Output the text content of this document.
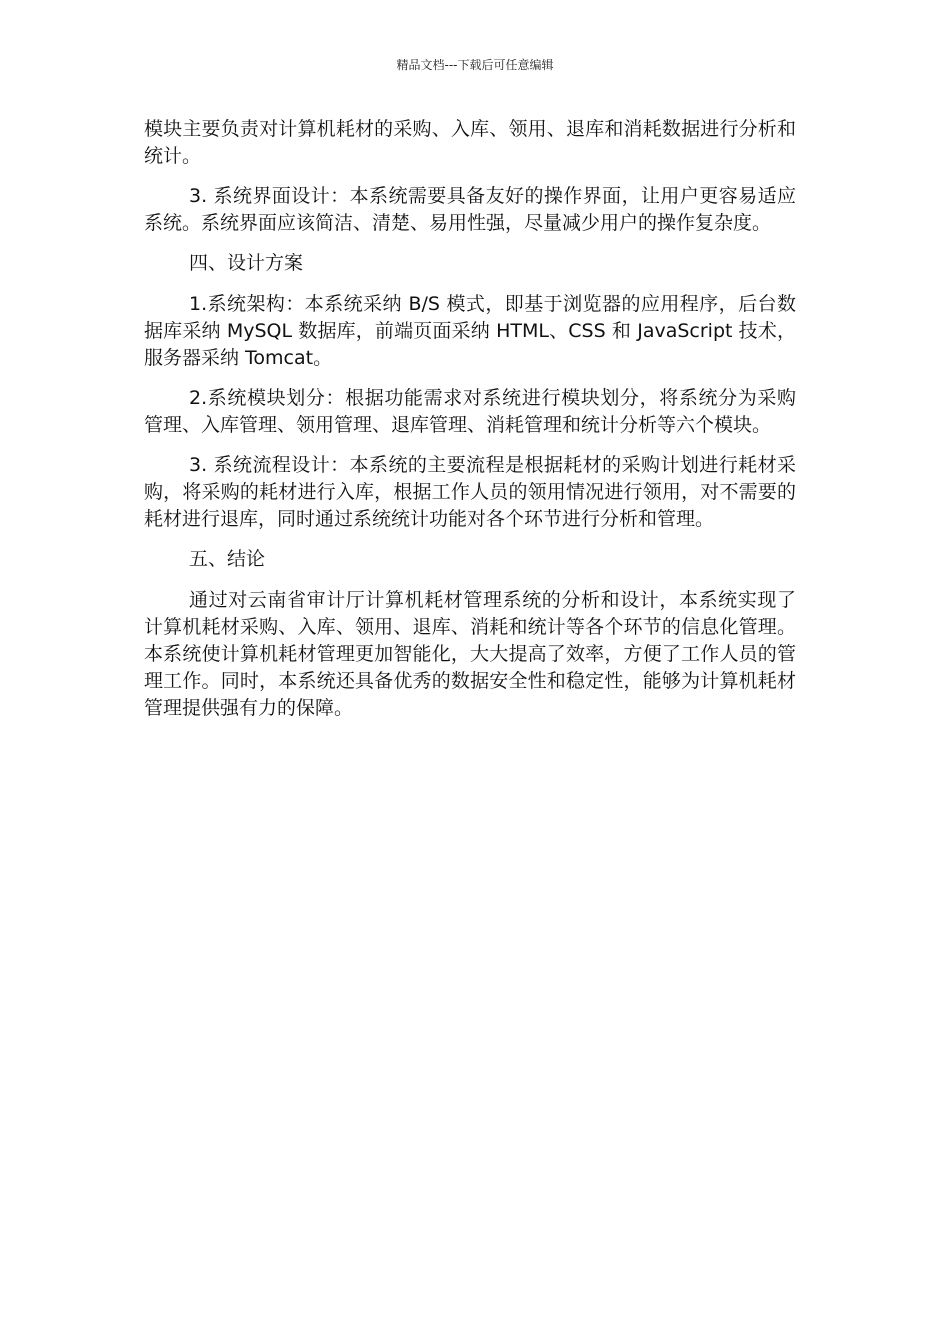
精品文档---下载后可任意编辑

模块主要负责对计算机耗材的采购、入库、领用、退库和消耗数据进行分析和统计。

3. 系统界面设计：本系统需要具备友好的操作界面，让用户更容易适应系统。系统界面应该简洁、清楚、易用性强，尽量减少用户的操作复杂度。

四、设计方案

1.系统架构：本系统采纳 B/S 模式，即基于浏览器的应用程序，后台数据库采纳 MySQL 数据库，前端页面采纳 HTML、CSS 和 JavaScript 技术，服务器采纳 Tomcat。

2.系统模块划分：根据功能需求对系统进行模块划分，将系统分为采购管理、入库管理、领用管理、退库管理、消耗管理和统计分析等六个模块。

3. 系统流程设计：本系统的主要流程是根据耗材的采购计划进行耗材采购，将采购的耗材进行入库，根据工作人员的领用情况进行领用，对不需要的耗材进行退库，同时通过系统统计功能对各个环节进行分析和管理。

五、结论

通过对云南省审计厅计算机耗材管理系统的分析和设计，本系统实现了计算机耗材采购、入库、领用、退库、消耗和统计等各个环节的信息化管理。本系统使计算机耗材管理更加智能化，大大提高了效率，方便了工作人员的管理工作。同时，本系统还具备优秀的数据安全性和稳定性，能够为计算机耗材管理提供强有力的保障。
